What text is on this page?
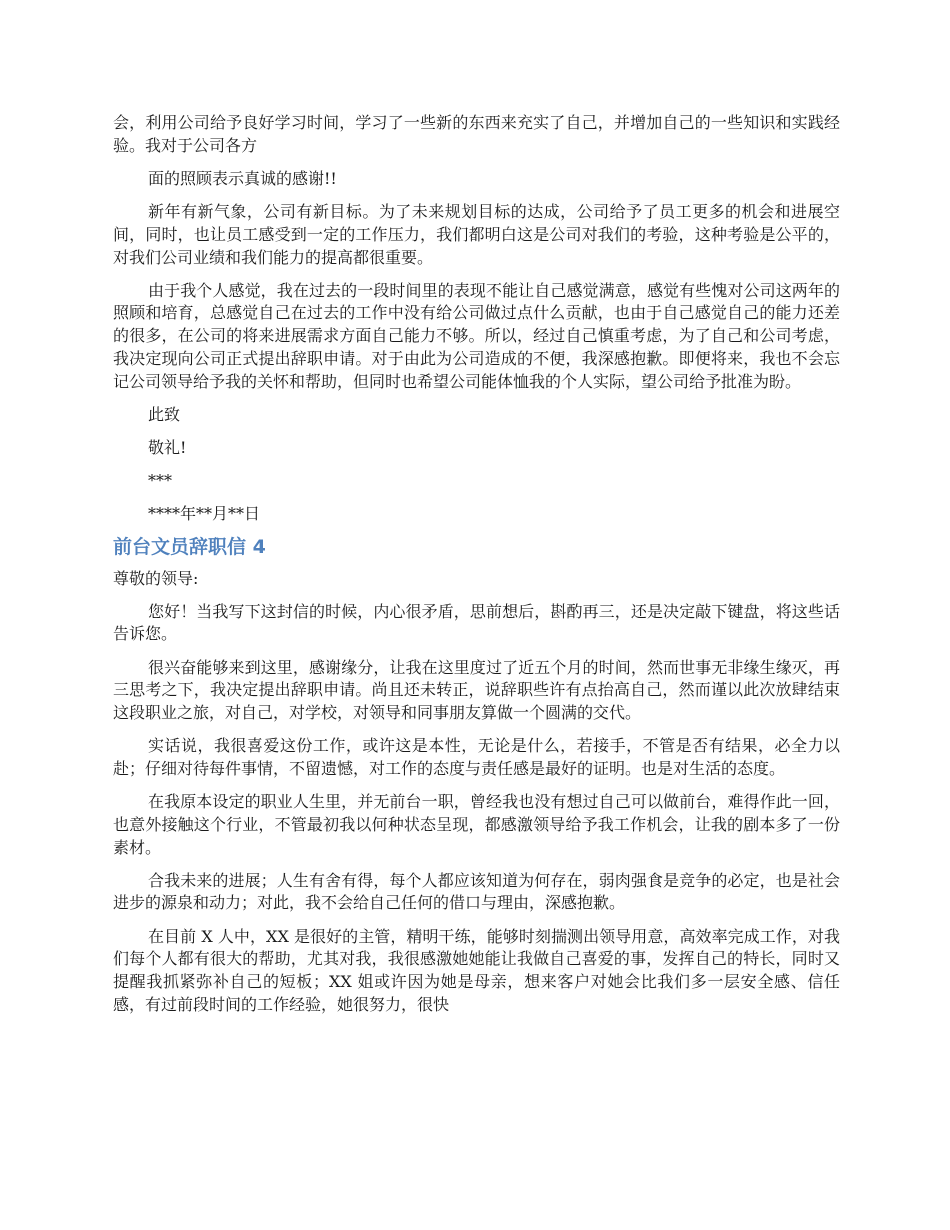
会，利用公司给予良好学习时间，学习了一些新的东西来充实了自己，并增加自己的一些知识和实践经验。我对于公司各方

面的照顾表示真诚的感谢!!

新年有新气象，公司有新目标。为了未来规划目标的达成，公司给予了员工更多的机会和进展空间，同时，也让员工感受到一定的工作压力，我们都明白这是公司对我们的考验，这种考验是公平的，对我们公司业绩和我们能力的提高都很重要。

由于我个人感觉，我在过去的一段时间里的表现不能让自己感觉满意，感觉有些愧对公司这两年的照顾和培育，总感觉自己在过去的工作中没有给公司做过点什么贡献，也由于自己感觉自己的能力还差的很多，在公司的将来进展需求方面自己能力不够。所以，经过自己慎重考虑，为了自己和公司考虑，我决定现向公司正式提出辞职申请。对于由此为公司造成的不便，我深感抱歉。即便将来，我也不会忘记公司领导给予我的关怀和帮助，但同时也希望公司能体恤我的个人实际，望公司给予批准为盼。

此致

敬礼!

***

****年**月**日

前台文员辞职信 4

尊敬的领导:

您好！当我写下这封信的时候，内心很矛盾，思前想后，斟酌再三，还是决定敲下键盘，将这些话告诉您。

很兴奋能够来到这里，感谢缘分，让我在这里度过了近五个月的时间，然而世事无非缘生缘灭，再三思考之下，我决定提出辞职申请。尚且还未转正，说辞职些许有点抬高自己，然而谨以此次放肆结束这段职业之旅，对自己，对学校，对领导和同事朋友算做一个圆满的交代。

实话说，我很喜爱这份工作，或许这是本性，无论是什么，若接手，不管是否有结果，必全力以赴；仔细对待每件事情，不留遗憾，对工作的态度与责任感是最好的证明。也是对生活的态度。

在我原本设定的职业人生里，并无前台一职，曾经我也没有想过自己可以做前台，难得作此一回，也意外接触这个行业，不管最初我以何种状态呈现，都感激领导给予我工作机会，让我的剧本多了一份素材。

合我未来的进展；人生有舍有得，每个人都应该知道为何存在，弱肉强食是竞争的必定，也是社会进步的源泉和动力；对此，我不会给自己任何的借口与理由，深感抱歉。

在目前 X 人中，XX 是很好的主管，精明干练，能够时刻揣测出领导用意，高效率完成工作，对我们每个人都有很大的帮助，尤其对我，我很感激她她能让我做自己喜爱的事，发挥自己的特长，同时又提醒我抓紧弥补自己的短板；XX 姐或许因为她是母亲，想来客户对她会比我们多一层安全感、信任感，有过前段时间的工作经验，她很努力，很快
